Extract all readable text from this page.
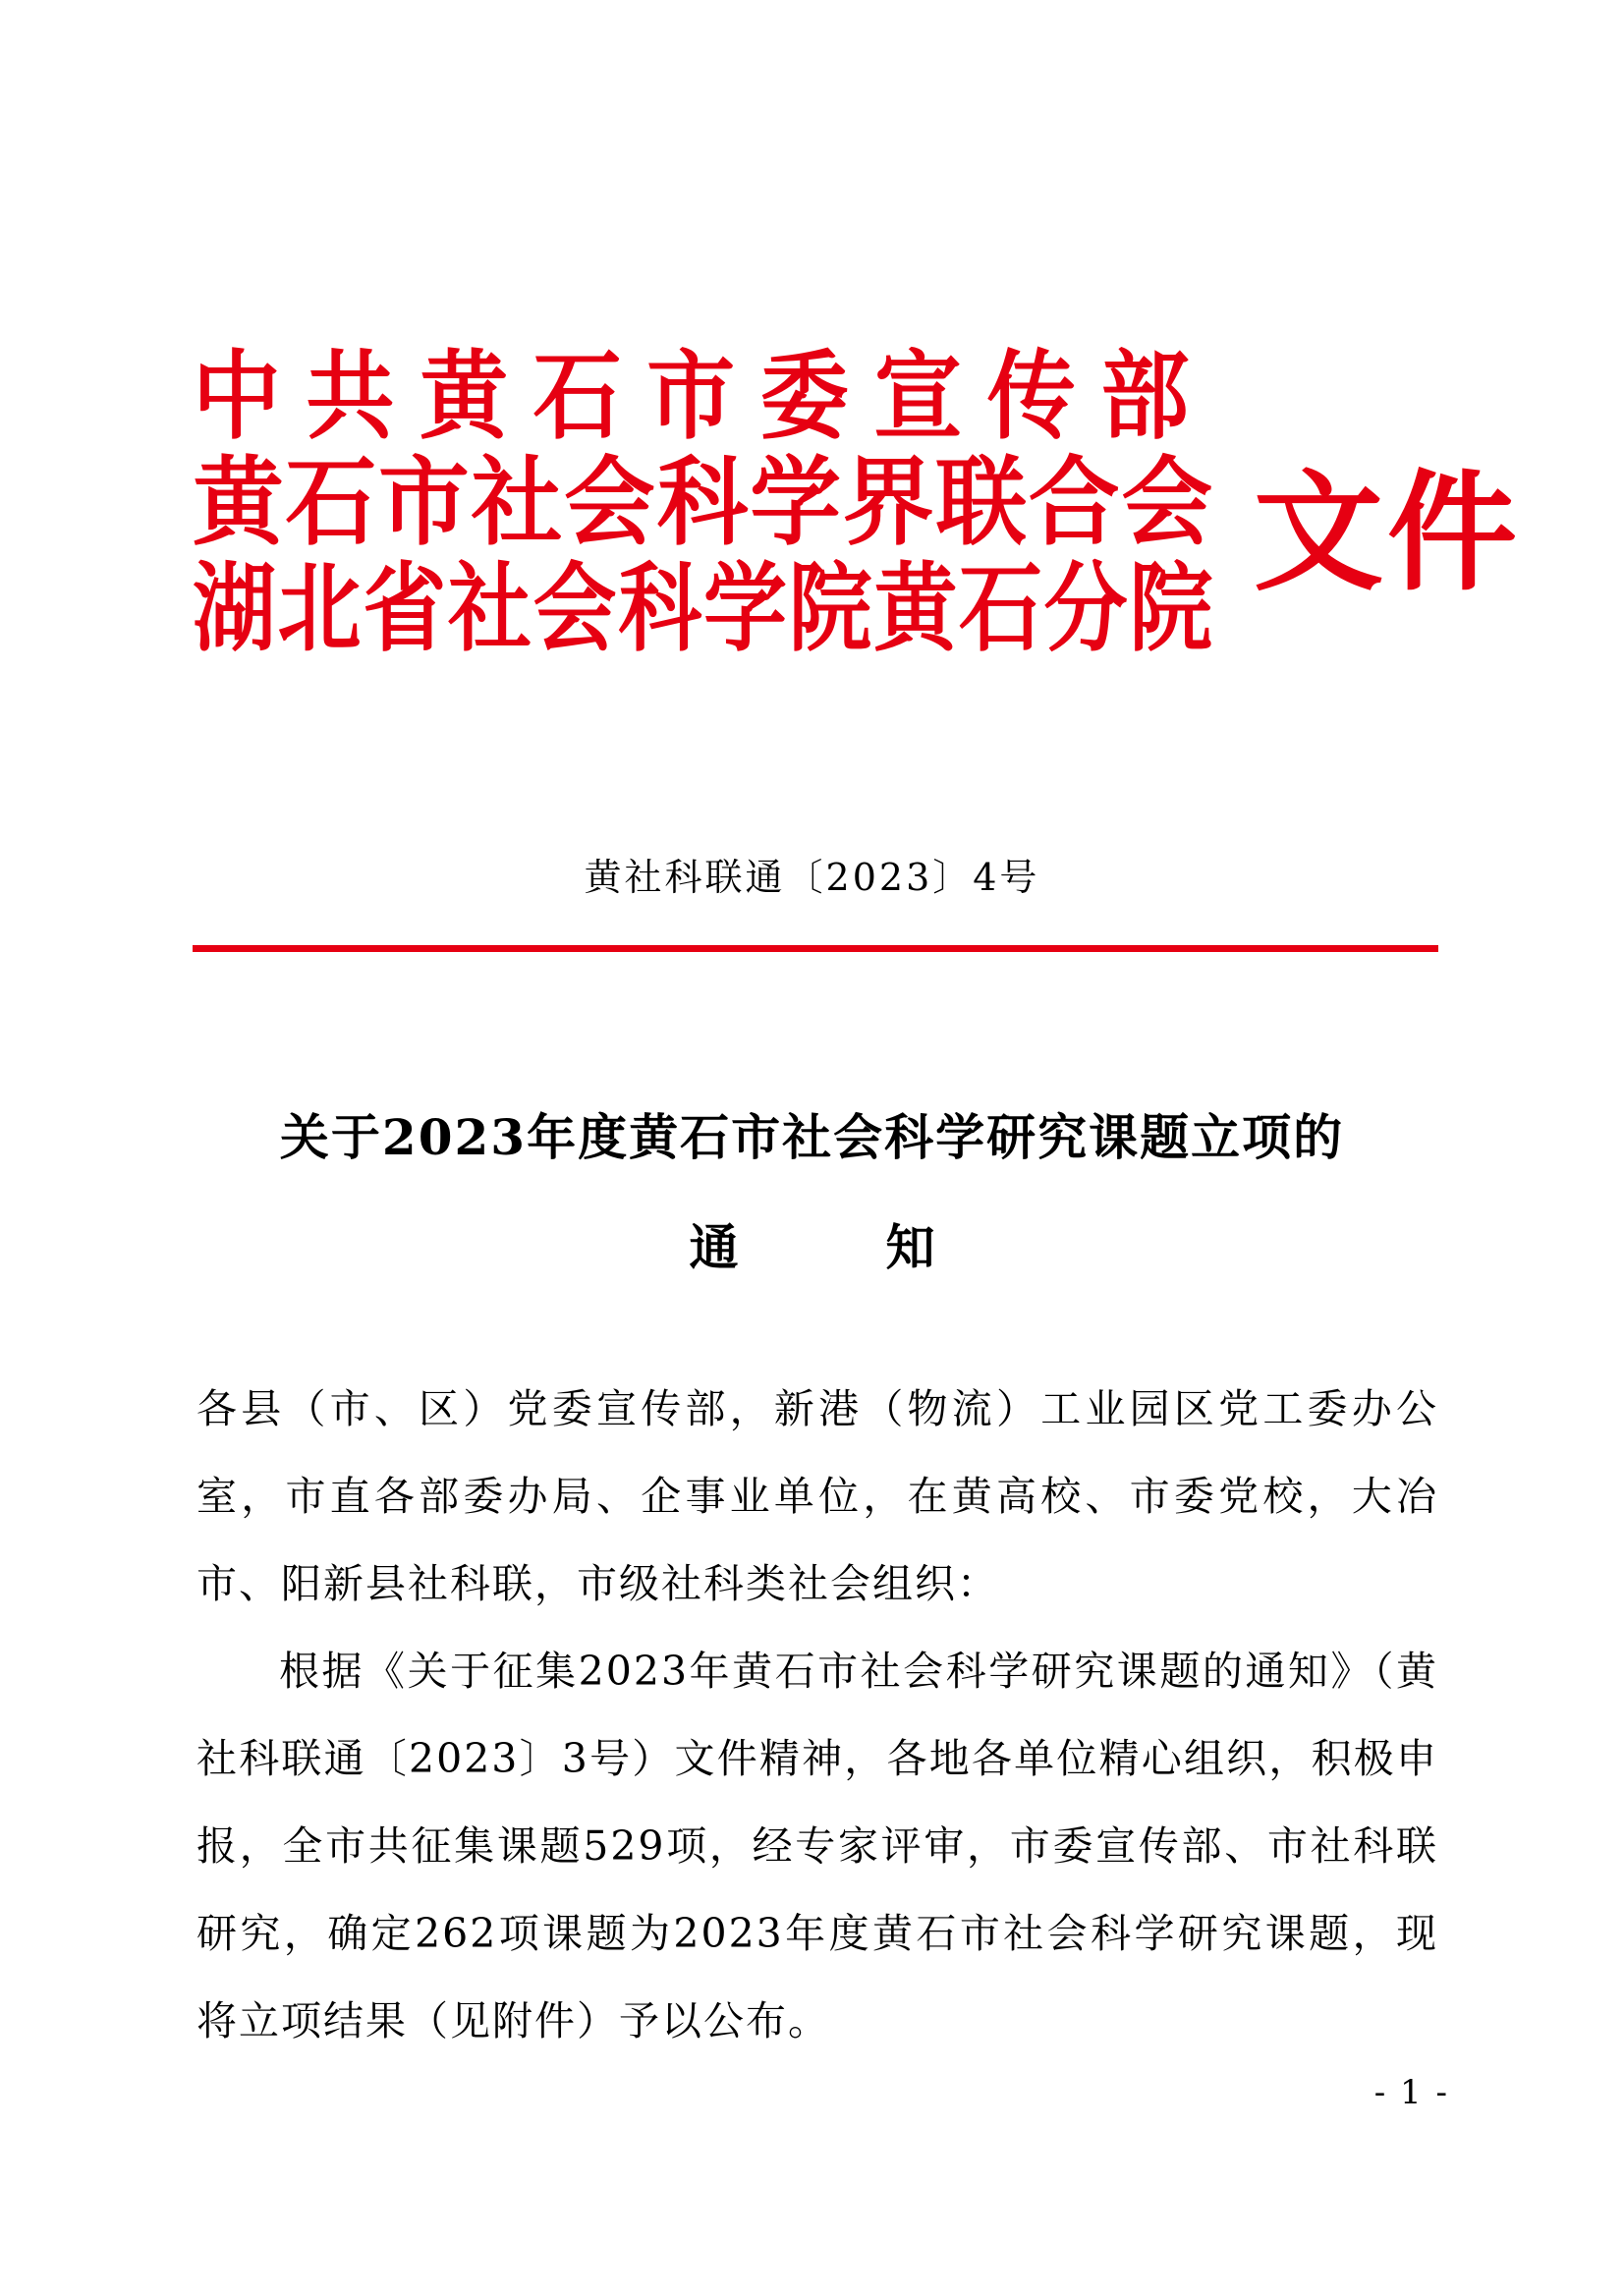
中共黄石市委宣传部
黄石市社会科学界联合会
湖北省社会科学院黄石分院 文件
黄社科联通〔2023〕4号
关于2023年度黄石市社会科学研究课题立项的
通知

各县（市、区）党委宣传部，新港（物流）工业园区党工委办公室，市直各部委办局、企事业单位，在黄高校、市委党校，大冶市、阳新县社科联，市级社科类社会组织：

根据《关于征集2023年黄石市社会科学研究课题的通知》（黄社科联通〔2023〕3号）文件精神，各地各单位精心组织，积极申报，全市共征集课题529项，经专家评审，市委宣传部、市社科联研究，确定262项课题为2023年度黄石市社会科学研究课题，现将立项结果（见附件）予以公布。

- 1 -
